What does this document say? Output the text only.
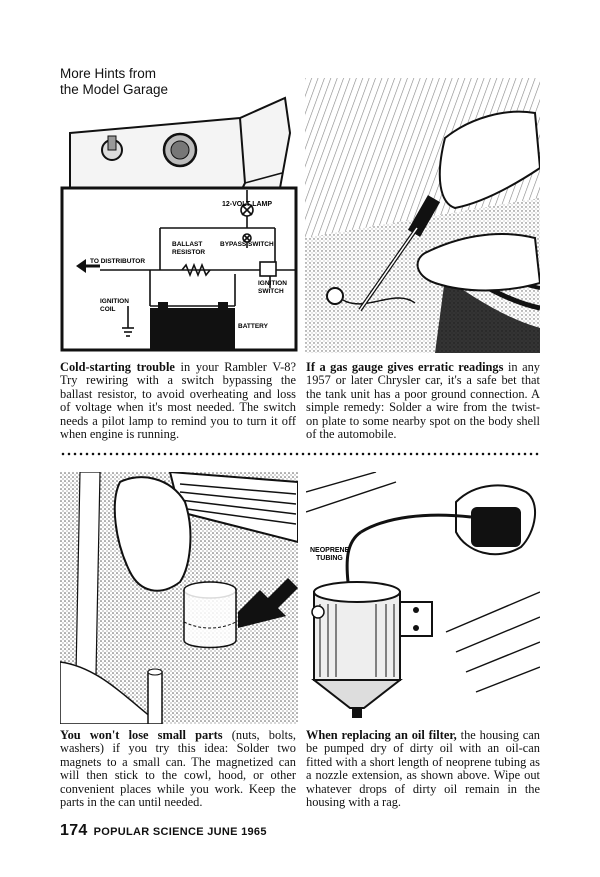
More Hints from
the Model Garage
12-VOLT LAMP
BALLAST
RESISTOR
BYPASS SWITCH
TO DISTRIBUTOR
IGNITION
SWITCH
IGNITION
COIL
BATTERY
Cold-starting trouble in your Rambler V-8? Try rewiring with a switch bypassing the ballast resistor, to avoid overheating and loss of voltage when it's most needed. The switch needs a pilot lamp to remind you to turn it off when engine is running.
If a gas gauge gives erratic readings in any 1957 or later Chrysler car, it's a safe bet that the tank unit has a poor ground connection. A simple remedy: Solder a wire from the twist-on plate to some nearby spot on the body shell of the automobile.
NEOPRENE
TUBING
You won't lose small parts (nuts, bolts, washers) if you try this idea: Solder two magnets to a small can. The magnetized can will then stick to the cowl, hood, or other convenient places while you work. Keep the parts in the can until needed.
When replacing an oil filter, the housing can be pumped dry of dirty oil with an oil-can fitted with a short length of neoprene tubing as a nozzle extension, as shown above. Wipe out whatever drops of dirty oil remain in the housing with a rag.
174 POPULAR SCIENCE JUNE 1965
